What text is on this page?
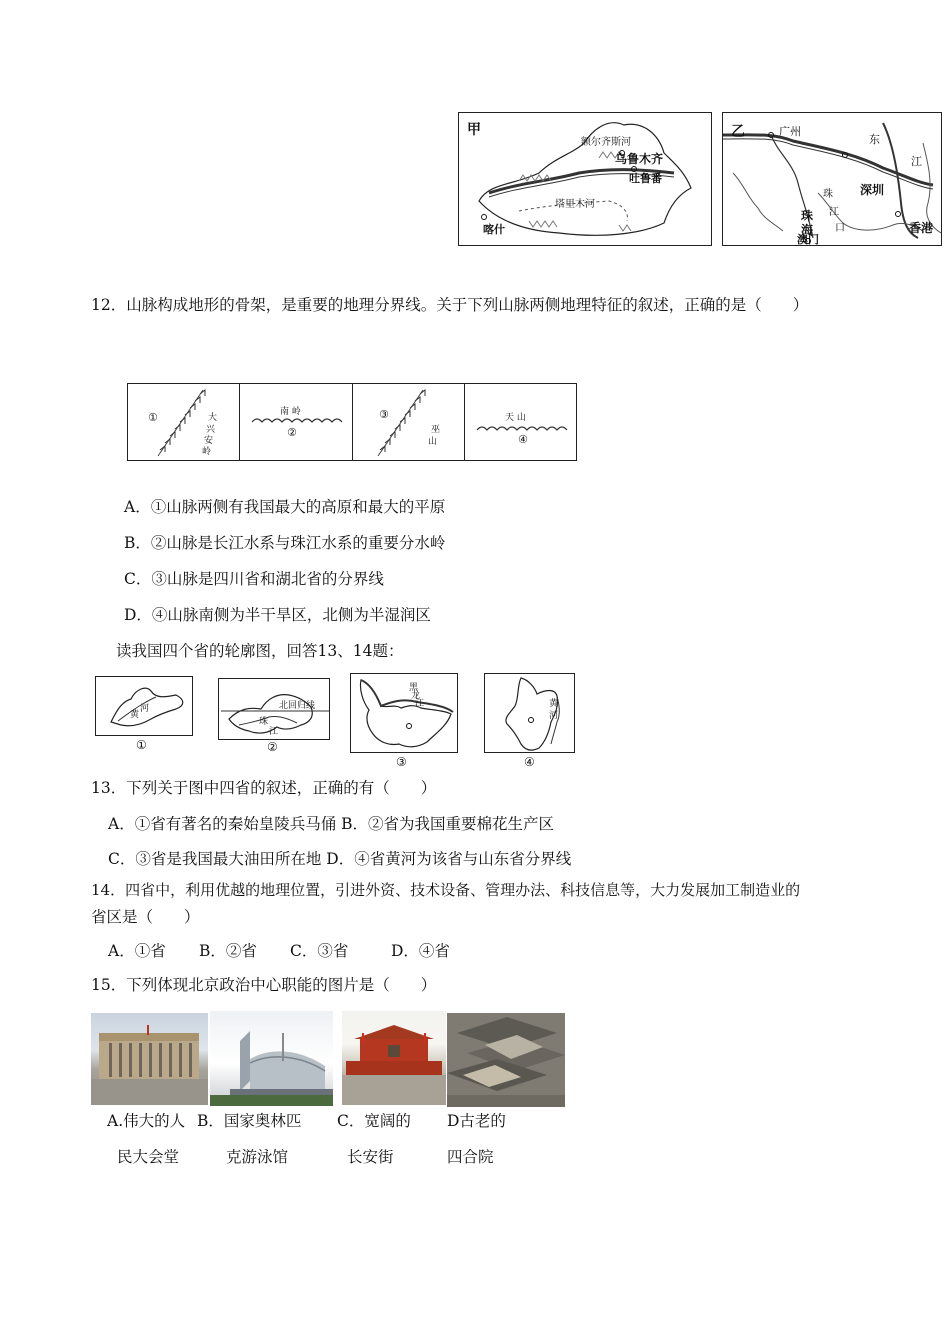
甲
额尔齐斯河
乌鲁木齐
吐鲁番
塔里木河
喀什
乙	广州
东
江
深圳
珠
江
口
珠
海
澳门
香港
12．山脉构成地形的骨架，是重要的地理分界线。关于下列山脉两侧地理特征的叙述，正确的是（　　）
①	大
兴
安
岭
南 岭
②
③
巫
山
天 山
④
A．①山脉两侧有我国最大的高原和最大的平原
B．②山脉是长江水系与珠江水系的重要分水岭
C．③山脉是四川省和湖北省的分界线
D．④山脉南侧为半干旱区，北侧为半湿润区
读我国四个省的轮廓图，回答13、14题：
黄
河
①
北回归线
珠
江
②
黑
龙
江
③
黄
河
④
13．下列关于图中四省的叙述，正确的有（　　）
A．①省有著名的秦始皇陵兵马俑 B．②省为我国重要棉花生产区
C．③省是我国最大油田所在地 D．④省黄河为该省与山东省分界线
14．四省中，利用优越的地理位置，引进外资、技术设备、管理办法、科技信息等，大力发展加工制造业的
省区是（　　）
A．①省 B．②省 C．③省	D．④省
15．下列体现北京政治中心职能的图片是（　　）
A.伟大的人 B．国家奥林匹 C．宽阔的 D古老的
民大会堂	克游泳馆	长安街	四合院
